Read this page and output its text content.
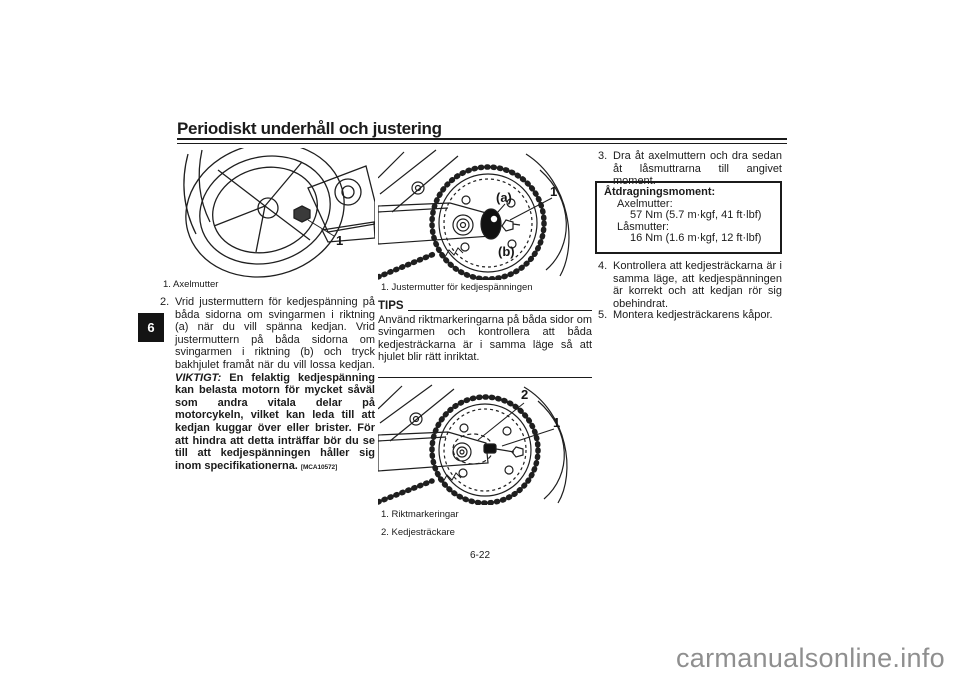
Periodiskt underhåll och justering
6
1
1. Axelmutter
2. Vrid justermuttern för kedjespänning på båda sidorna om svingarmen i riktning (a) när du vill spänna kedjan. Vrid justermuttern på båda sidorna om svingarmen i riktning (b) och tryck bakhjulet framåt när du vill lossa kedjan. VIKTIGT: En felaktig kedjespänning kan belasta motorn för mycket såväl som andra vitala delar på motorcykeln, vilket kan leda till att kedjan kuggar över eller brister. För att hindra att detta inträffar bör du se till att kedjespänningen håller sig inom specifikationerna. [MCA10572]
(a)
(b)
1
1. Justermutter för kedjespänningen
TIPS
Använd riktmarkeringarna på båda sidor om svingarmen och kontrollera att båda kedjesträckarna är i samma läge så att hjulet blir rätt inriktat.
2
1
1. Riktmarkeringar
2. Kedjesträckare
6-22
3. Dra åt axelmuttern och dra sedan åt låsmuttrarna till angivet moment.
Åtdragningsmoment:
Axelmutter:
57 Nm (5.7 m·kgf, 41 ft·lbf)
Låsmutter:
16 Nm (1.6 m·kgf, 12 ft·lbf)
4. Kontrollera att kedjesträckarna är i samma läge, att kedjespänningen är korrekt och att kedjan rör sig obehindrat.
5. Montera kedjesträckarens kåpor.
carmanualsonline.info
